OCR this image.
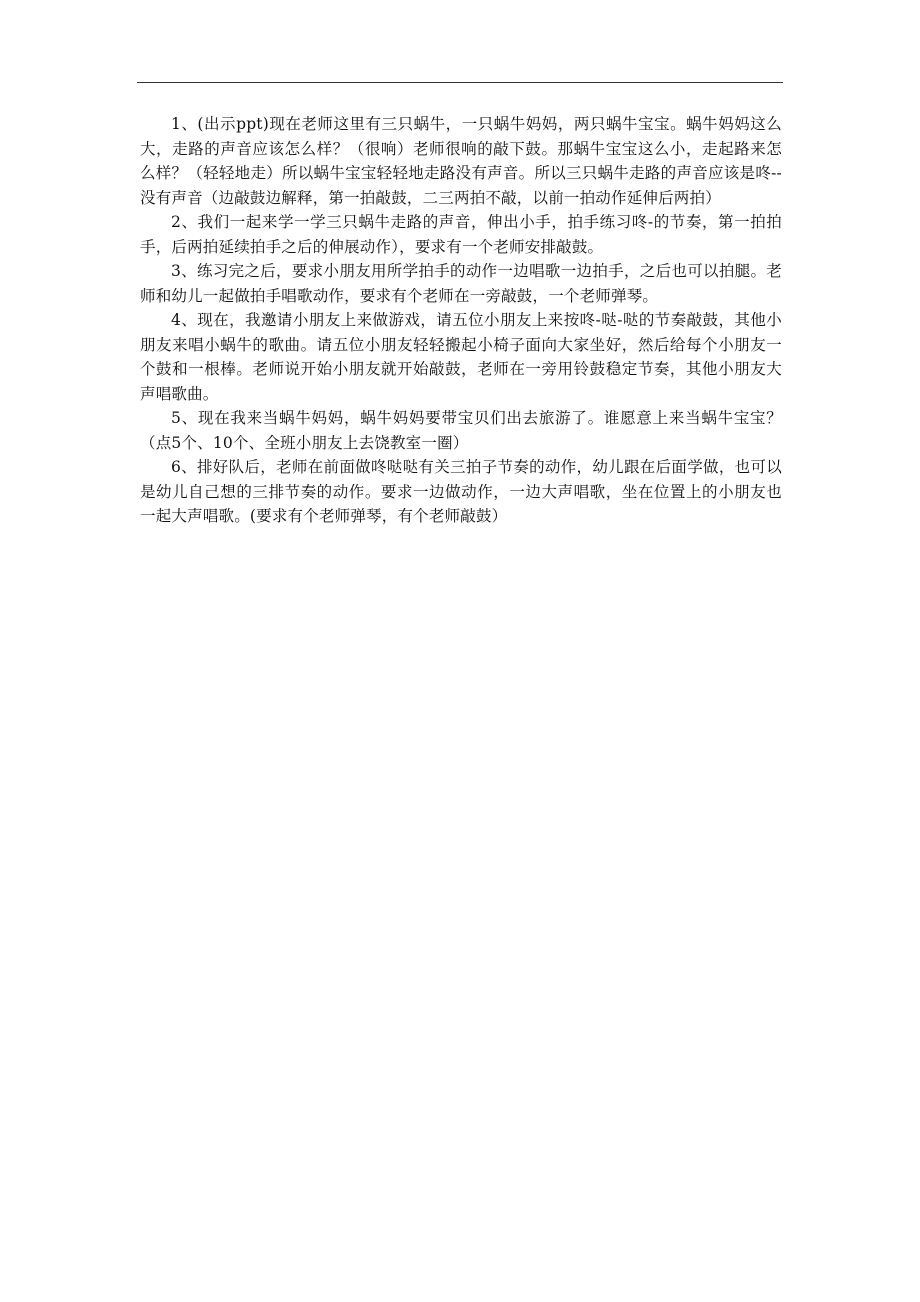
1、(出示ppt)现在老师这里有三只蜗牛，一只蜗牛妈妈，两只蜗牛宝宝。蜗牛妈妈这么大，走路的声音应该怎么样？（很响）老师很响的敲下鼓。那蜗牛宝宝这么小，走起路来怎么样？（轻轻地走）所以蜗牛宝宝轻轻地走路没有声音。所以三只蜗牛走路的声音应该是咚--没有声音（边敲鼓边解释，第一拍敲鼓，二三两拍不敲，以前一拍动作延伸后两拍）

2、我们一起来学一学三只蜗牛走路的声音，伸出小手，拍手练习咚-的节奏，第一拍拍手，后两拍延续拍手之后的伸展动作），要求有一个老师安排敲鼓。

3、练习完之后，要求小朋友用所学拍手的动作一边唱歌一边拍手，之后也可以拍腿。老师和幼儿一起做拍手唱歌动作，要求有个老师在一旁敲鼓，一个老师弹琴。

4、现在，我邀请小朋友上来做游戏，请五位小朋友上来按咚-哒-哒的节奏敲鼓，其他小朋友来唱小蜗牛的歌曲。请五位小朋友轻轻搬起小椅子面向大家坐好，然后给每个小朋友一个鼓和一根棒。老师说开始小朋友就开始敲鼓，老师在一旁用铃鼓稳定节奏，其他小朋友大声唱歌曲。

5、现在我来当蜗牛妈妈，蜗牛妈妈要带宝贝们出去旅游了。谁愿意上来当蜗牛宝宝？（点5个、10个、全班小朋友上去饶教室一圈）

6、排好队后，老师在前面做咚哒哒有关三拍子节奏的动作，幼儿跟在后面学做，也可以是幼儿自己想的三排节奏的动作。要求一边做动作，一边大声唱歌，坐在位置上的小朋友也一起大声唱歌。(要求有个老师弹琴，有个老师敲鼓）
